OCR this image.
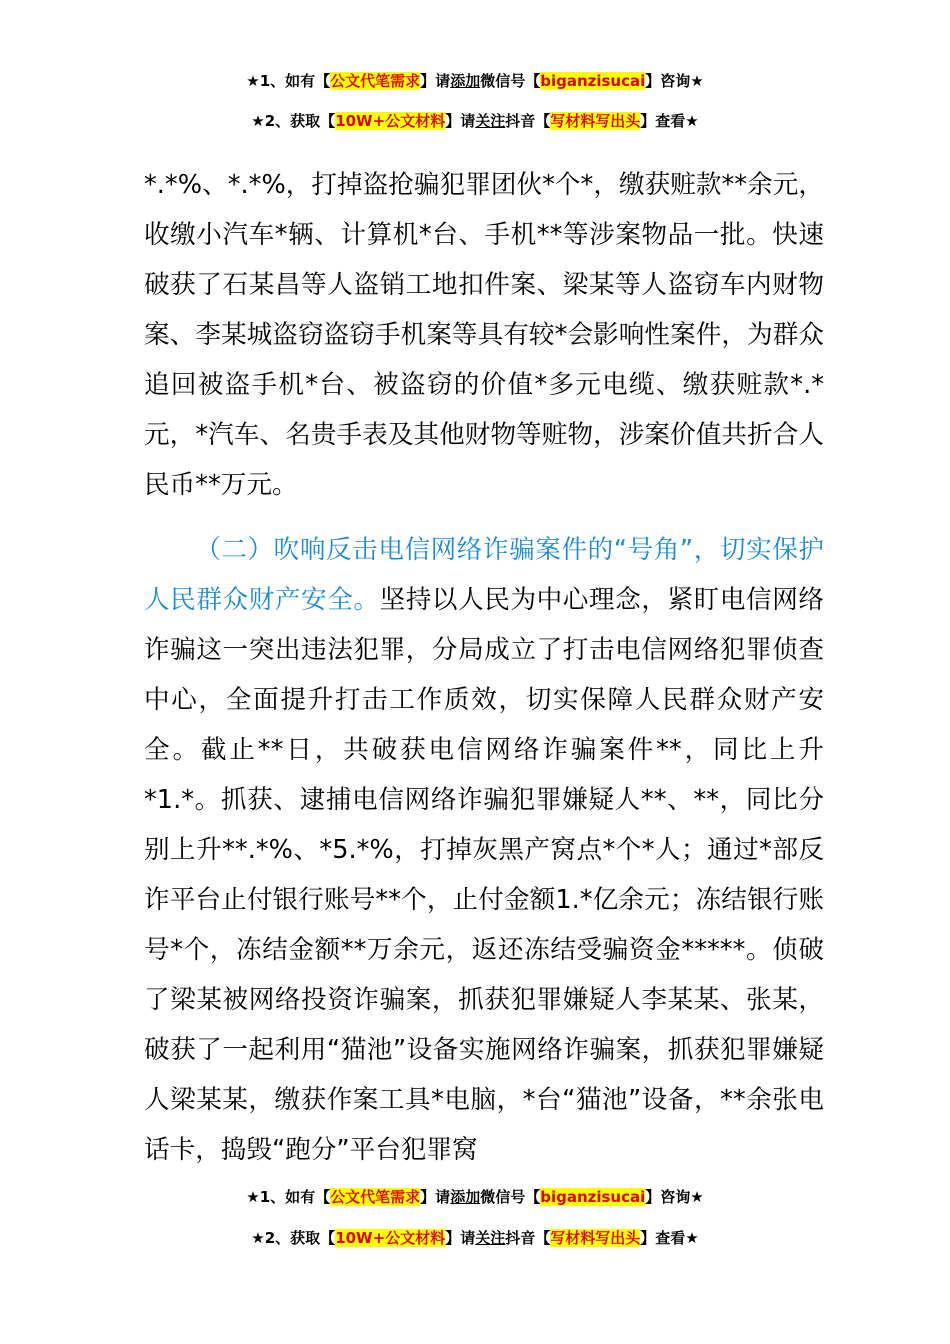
★1、如有【公文代笔需求】请添加微信号【biganzisucai】咨询★
★2、获取【10W+公文材料】请关注抖音【写材料写出头】查看★

*.*%、*.*%，打掉盗抢骗犯罪团伙*个*，缴获赃款**余元，收缴小汽车*辆、计算机*台、手机**等涉案物品一批。快速破获了石某昌等人盗销工地扣件案、梁某等人盗窃车内财物案、李某城盗窃盗窃手机案等具有较*会影响性案件，为群众追回被盗手机*台、被盗窃的价值*多元电缆、缴获赃款*.*元，*汽车、名贵手表及其他财物等赃物，涉案价值共折合人民币**万元。

（二）吹响反击电信网络诈骗案件的“号角”，切实保护人民群众财产安全。坚持以人民为中心理念，紧盯电信网络诈骗这一突出违法犯罪，分局成立了打击电信网络犯罪侦查中心，全面提升打击工作质效，切实保障人民群众财产安全。截止**日，共破获电信网络诈骗案件**，同比上升*1.*。抓获、逮捕电信网络诈骗犯罪嫌疑人**、**，同比分别上升**.*%、*5.*%，打掉灰黑产窝点*个*人；通过*部反诈平台止付银行账号**个，止付金额1.*亿余元；冻结银行账号*个，冻结金额**万余元，返还冻结受骗资金*****。侦破了梁某被网络投资诈骗案，抓获犯罪嫌疑人李某某、张某，破获了一起利用“猫池”设备实施网络诈骗案，抓获犯罪嫌疑人梁某某，缴获作案工具*电脑，*台“猫池”设备，**余张电话卡，捣毁“跑分”平台犯罪窝

★1、如有【公文代笔需求】请添加微信号【biganzisucai】咨询★
★2、获取【10W+公文材料】请关注抖音【写材料写出头】查看★
